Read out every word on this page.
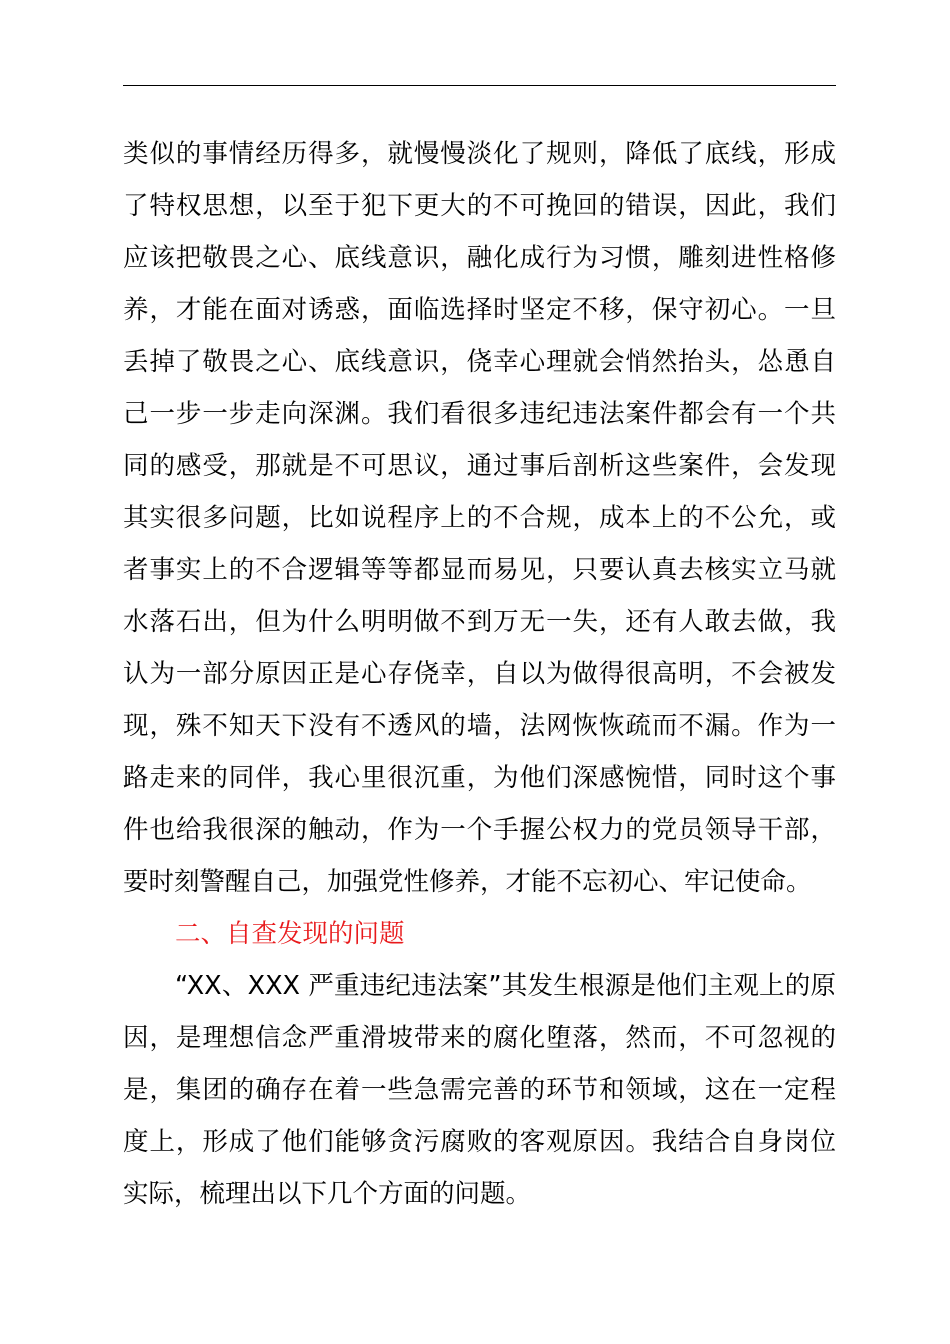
类似的事情经历得多，就慢慢淡化了规则，降低了底线，形成
了特权思想，以至于犯下更大的不可挽回的错误，因此，我们
应该把敬畏之心、底线意识，融化成行为习惯，雕刻进性格修
养，才能在面对诱惑，面临选择时坚定不移，保守初心。一旦
丢掉了敬畏之心、底线意识，侥幸心理就会悄然抬头，怂恿自
己一步一步走向深渊。我们看很多违纪违法案件都会有一个共
同的感受，那就是不可思议，通过事后剖析这些案件，会发现
其实很多问题，比如说程序上的不合规，成本上的不公允，或
者事实上的不合逻辑等等都显而易见，只要认真去核实立马就
水落石出，但为什么明明做不到万无一失，还有人敢去做，我
认为一部分原因正是心存侥幸，自以为做得很高明，不会被发
现，殊不知天下没有不透风的墙，法网恢恢疏而不漏。作为一
路走来的同伴，我心里很沉重，为他们深感惋惜，同时这个事
件也给我很深的触动，作为一个手握公权力的党员领导干部，
要时刻警醒自己，加强党性修养，才能不忘初心、牢记使命。
二、自查发现的问题
“XX、XXX 严重违纪违法案”其发生根源是他们主观上的原
因，是理想信念严重滑坡带来的腐化堕落，然而，不可忽视的
是，集团的确存在着一些急需完善的环节和领域，这在一定程
度上，形成了他们能够贪污腐败的客观原因。我结合自身岗位
实际，梳理出以下几个方面的问题。
